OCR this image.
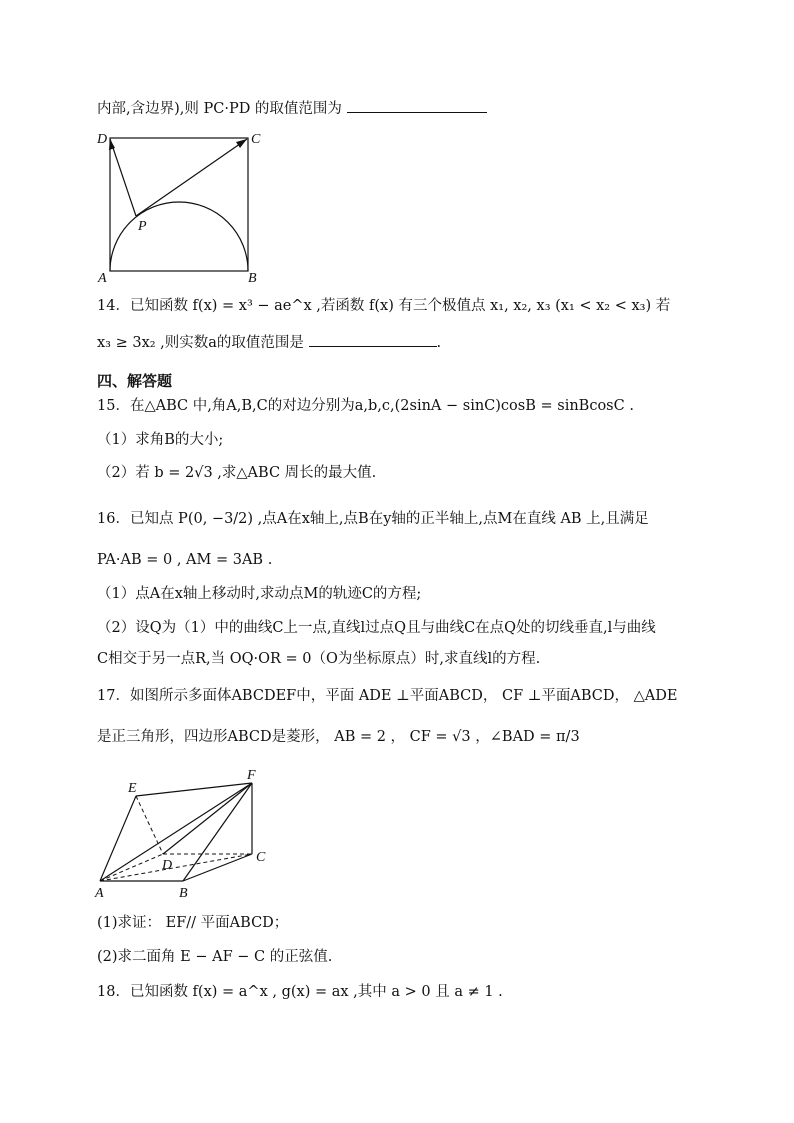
内部,含边界),则 PC·PD 的取值范围为
D	C
P
A	B
14．已知函数 f(x) = x³ − ae^x ,若函数 f(x) 有三个极值点 x₁, x₂, x₃ (x₁ < x₂ < x₃) 若
x₃ ≥ 3x₂ ,则实数a的取值范围是	.
四、解答题
15．在△ABC 中,角A,B,C的对边分别为a,b,c,(2sinA − sinC)cosB = sinBcosC .
（1）求角B的大小;
（2）若 b = 2√3 ,求△ABC 周长的最大值.
16．已知点 P(0, −3/2) ,点A在x轴上,点B在y轴的正半轴上,点M在直线 AB 上,且满足
PA·AB = 0 , AM = 3AB .
（1）点A在x轴上移动时,求动点M的轨迹C的方程;
（2）设Q为（1）中的曲线C上一点,直线l过点Q且与曲线C在点Q处的切线垂直,l与曲线
C相交于另一点R,当 OQ·OR = 0（O为坐标原点）时,求直线l的方程.
17．如图所示多面体ABCDEF中，平面 ADE ⊥平面ABCD， CF ⊥平面ABCD， △ADE
是正三角形，四边形ABCD是菱形， AB = 2 ， CF = √3 ，∠BAD = π/3
E
F
D
C
A	B
(1)求证： EF// 平面ABCD；
(2)求二面角 E − AF − C 的正弦值.
18．已知函数 f(x) = a^x , g(x) = ax ,其中 a > 0 且 a ≠ 1 .
